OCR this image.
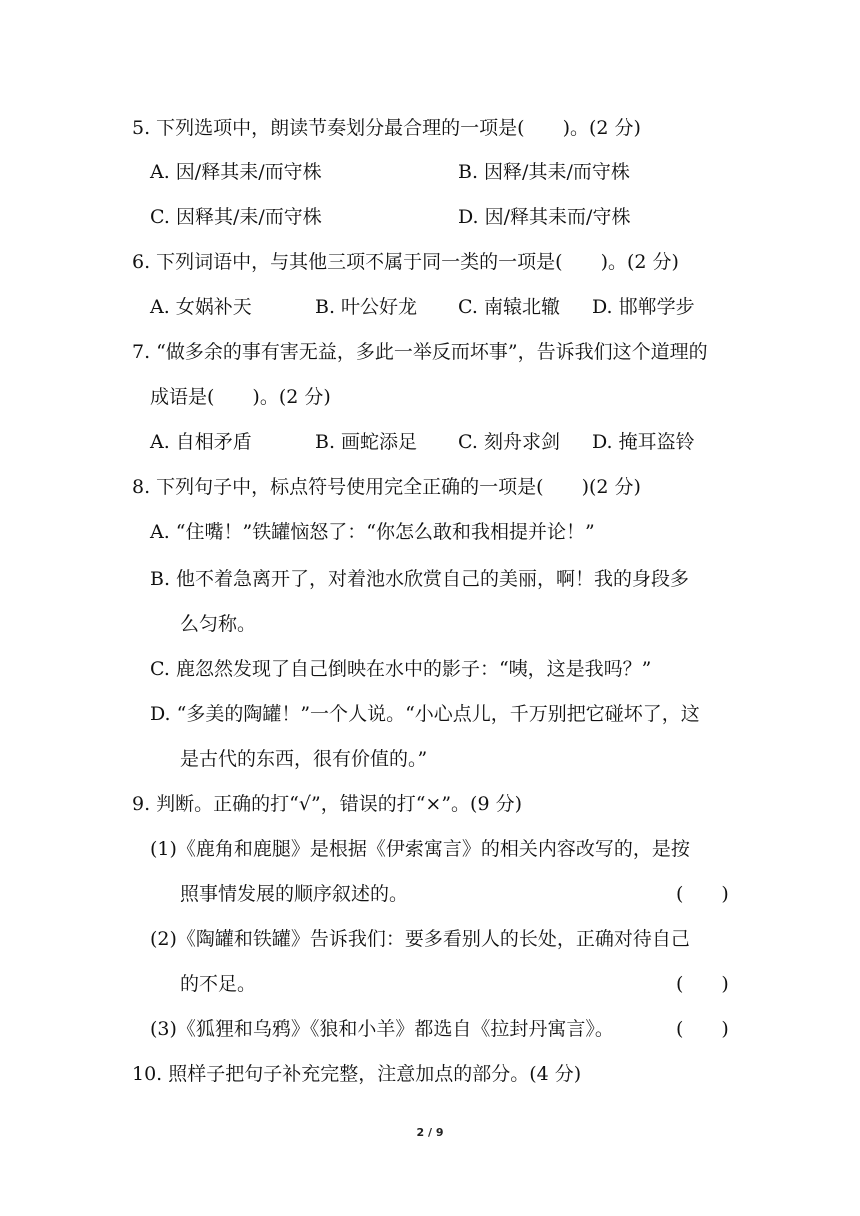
5. 下列选项中，朗读节奏划分最合理的一项是(　　)。(2 分)
A. 因/释其耒/而守株	B. 因释/其耒/而守株
C. 因释其/耒/而守株	D. 因/释其耒而/守株
6. 下列词语中，与其他三项不属于同一类的一项是(　　)。(2 分)
A. 女娲补天	B. 叶公好龙 C. 南辕北辙 D. 邯郸学步
7. “做多余的事有害无益，多此一举反而坏事”，告诉我们这个道理的
成语是(　　)。(2 分)
A. 自相矛盾	B. 画蛇添足 C. 刻舟求剑 D. 掩耳盗铃
8. 下列句子中，标点符号使用完全正确的一项是(　　)(2 分)
A. “住嘴！”铁罐恼怒了：“你怎么敢和我相提并论！”
B. 他不着急离开了，对着池水欣赏自己的美丽，啊！我的身段多
么匀称。
C. 鹿忽然发现了自己倒映在水中的影子：“咦，这是我吗？”
D. “多美的陶罐！”一个人说。“小心点儿，千万别把它碰坏了，这
是古代的东西，很有价值的。”
9. 判断。正确的打“√”，错误的打“×”。(9 分)
(1)《鹿角和鹿腿》是根据《伊索寓言》的相关内容改写的，是按
照事情发展的顺序叙述的。	(　　)
(2)《陶罐和铁罐》告诉我们：要多看别人的长处，正确对待自己
的不足。	(　　)
(3)《狐狸和乌鸦》《狼和小羊》都选自《拉封丹寓言》。	(　　)
10. 照样子把句子补充完整，注意加点的部分。(4 分)
2 / 9
